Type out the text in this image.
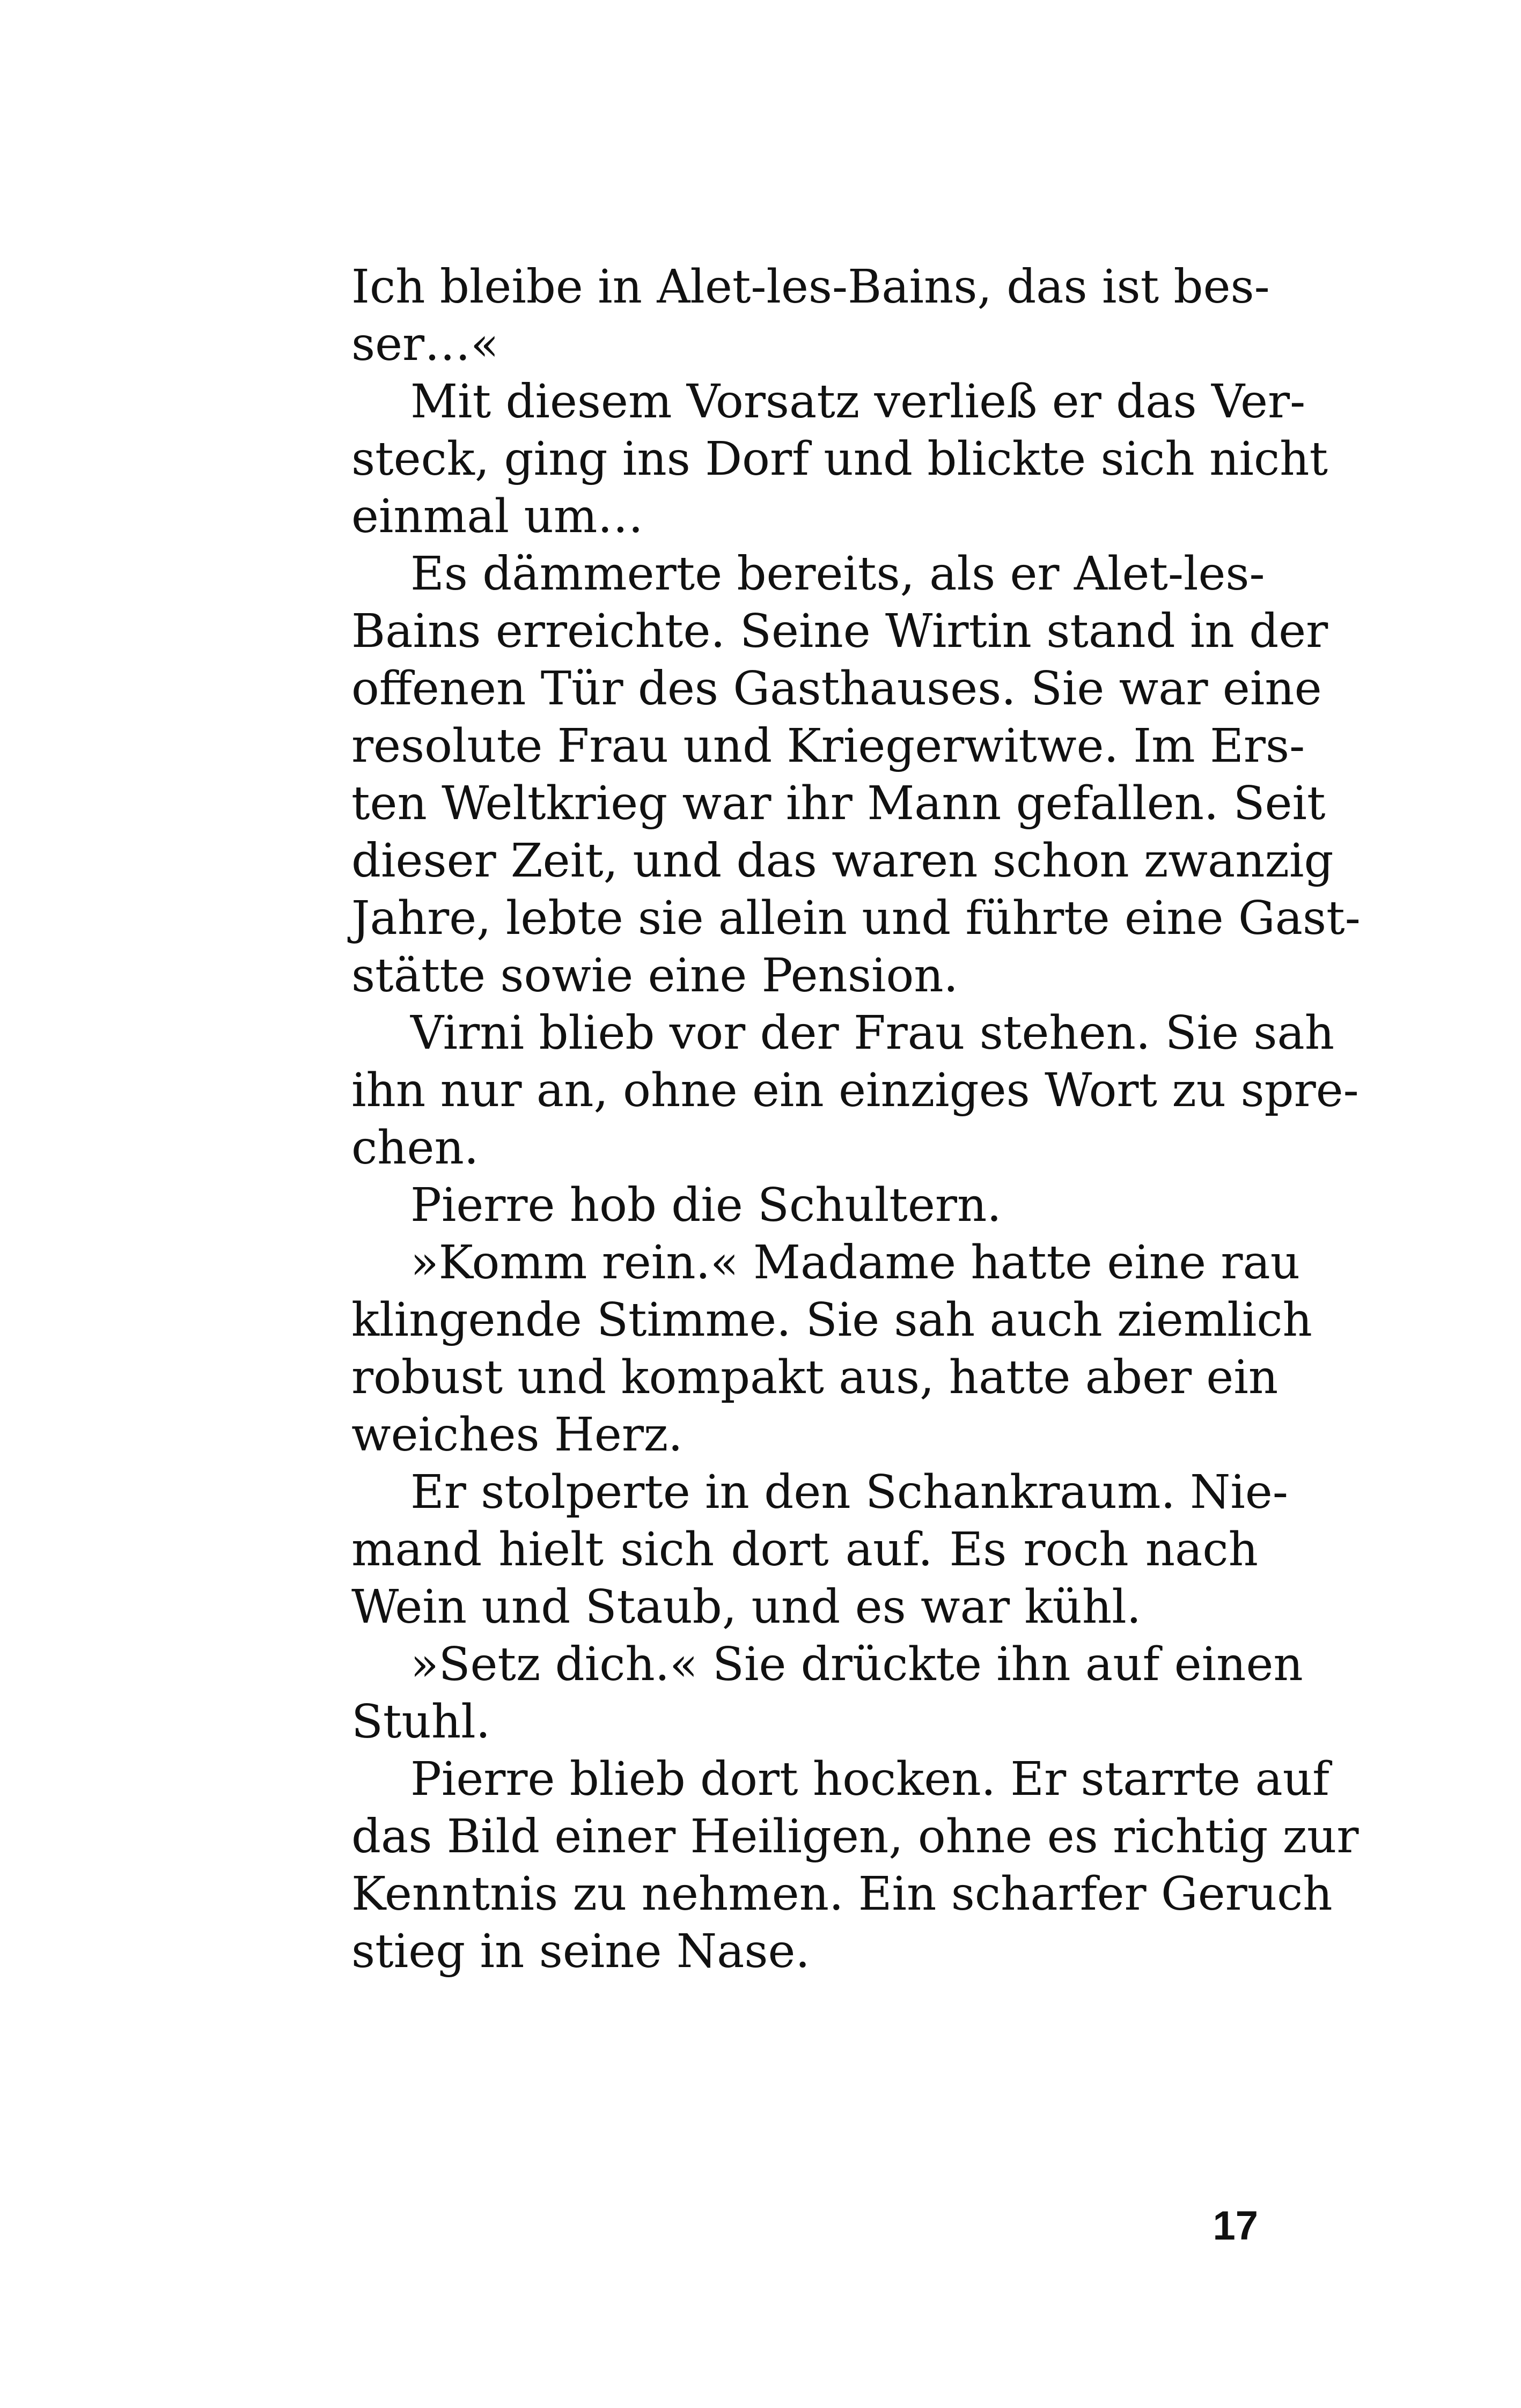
Ich bleibe in Alet-les-Bains, das ist bes-
ser…«
Mit diesem Vorsatz verließ er das Ver-
steck, ging ins Dorf und blickte sich nicht
einmal um…
Es dämmerte bereits, als er Alet-les-
Bains erreichte. Seine Wirtin stand in der
offenen Tür des Gasthauses. Sie war eine
resolute Frau und Kriegerwitwe. Im Ers-
ten Weltkrieg war ihr Mann gefallen. Seit
dieser Zeit, und das waren schon zwanzig
Jahre, lebte sie allein und führte eine Gast-
stätte sowie eine Pension.
Virni blieb vor der Frau stehen. Sie sah
ihn nur an, ohne ein einziges Wort zu spre-
chen.
Pierre hob die Schultern.
»Komm rein.« Madame hatte eine rau
klingende Stimme. Sie sah auch ziemlich
robust und kompakt aus, hatte aber ein
weiches Herz.
Er stolperte in den Schankraum. Nie-
mand hielt sich dort auf. Es roch nach
Wein und Staub, und es war kühl.
»Setz dich.« Sie drückte ihn auf einen
Stuhl.
Pierre blieb dort hocken. Er starrte auf
das Bild einer Heiligen, ohne es richtig zur
Kenntnis zu nehmen. Ein scharfer Geruch
stieg in seine Nase.
17
